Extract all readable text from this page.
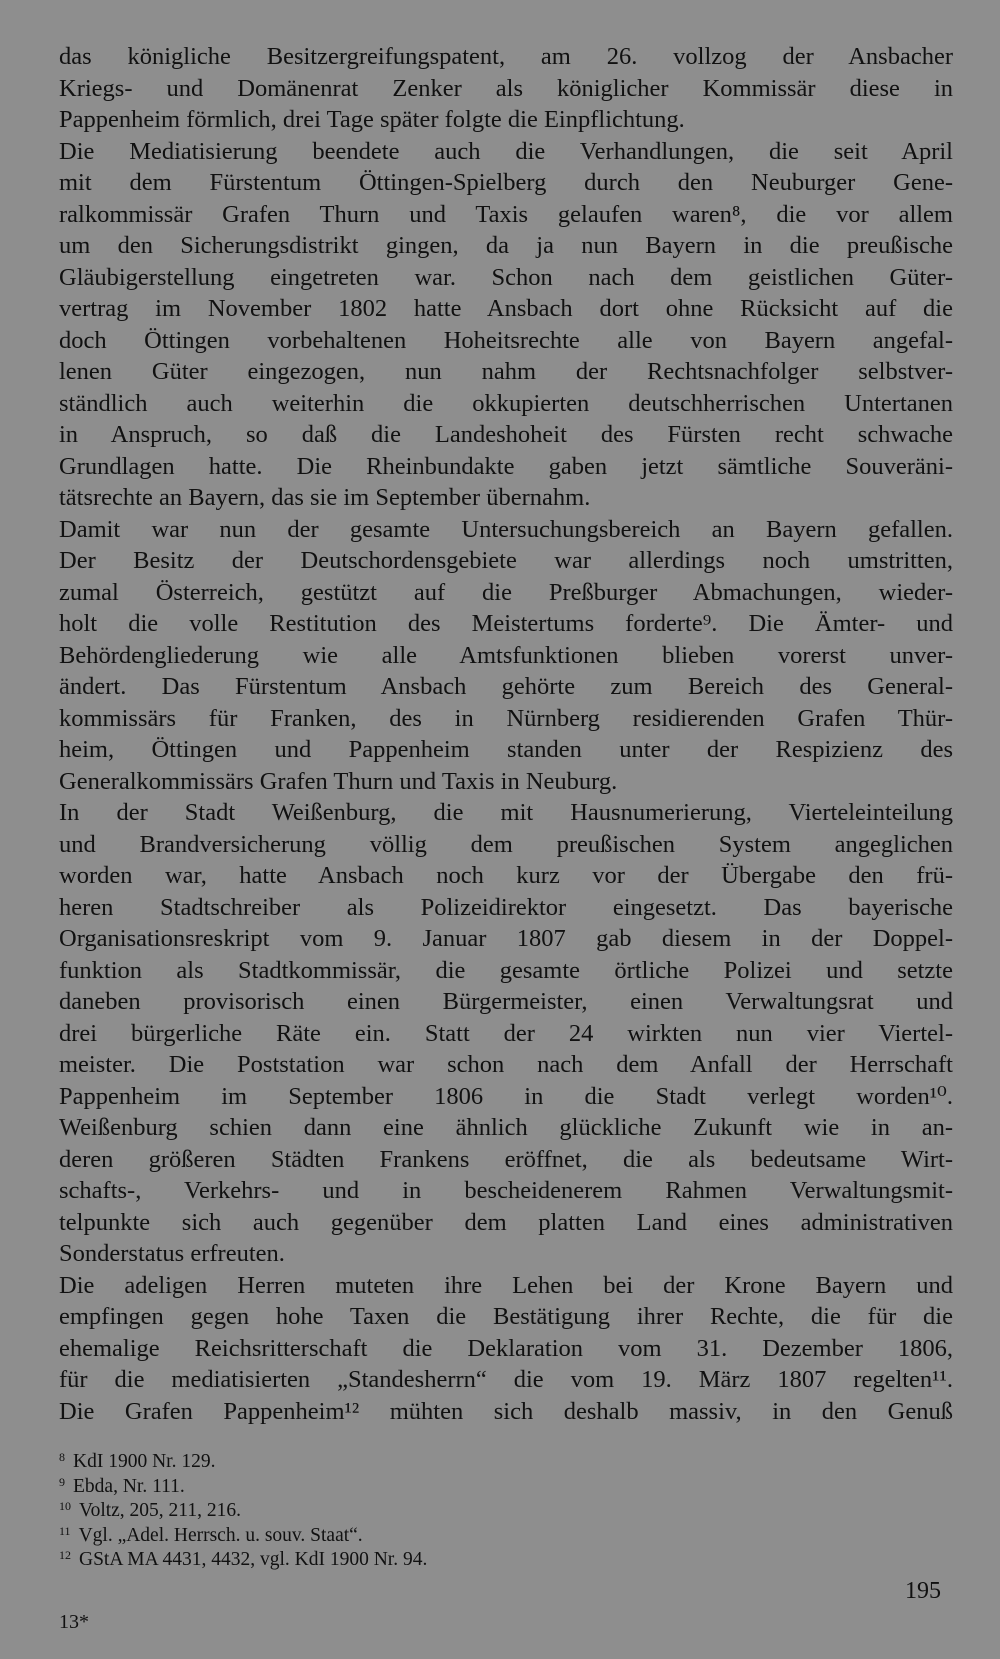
das königliche Besitzergreifungspatent, am 26. vollzog der Ansbacher
Kriegs- und Domänenrat Zenker als königlicher Kommissär diese in
Pappenheim förmlich, drei Tage später folgte die Einpflichtung.
Die Mediatisierung beendete auch die Verhandlungen, die seit April
mit dem Fürstentum Öttingen-Spielberg durch den Neuburger Gene-
ralkommissär Grafen Thurn und Taxis gelaufen waren⁸, die vor allem
um den Sicherungsdistrikt gingen, da ja nun Bayern in die preußische
Gläubigerstellung eingetreten war. Schon nach dem geistlichen Güter-
vertrag im November 1802 hatte Ansbach dort ohne Rücksicht auf die
doch Öttingen vorbehaltenen Hoheitsrechte alle von Bayern angefal-
lenen Güter eingezogen, nun nahm der Rechtsnachfolger selbstver-
ständlich auch weiterhin die okkupierten deutschherrischen Untertanen
in Anspruch, so daß die Landeshoheit des Fürsten recht schwache
Grundlagen hatte. Die Rheinbundakte gaben jetzt sämtliche Souveräni-
tätsrechte an Bayern, das sie im September übernahm.
Damit war nun der gesamte Untersuchungsbereich an Bayern gefallen.
Der Besitz der Deutschordensgebiete war allerdings noch umstritten,
zumal Österreich, gestützt auf die Preßburger Abmachungen, wieder-
holt die volle Restitution des Meistertums forderte⁹. Die Ämter- und
Behördengliederung wie alle Amtsfunktionen blieben vorerst unver-
ändert. Das Fürstentum Ansbach gehörte zum Bereich des General-
kommissärs für Franken, des in Nürnberg residierenden Grafen Thür-
heim, Öttingen und Pappenheim standen unter der Respizienz des
Generalkommissärs Grafen Thurn und Taxis in Neuburg.
In der Stadt Weißenburg, die mit Hausnumerierung, Vierteleinteilung
und Brandversicherung völlig dem preußischen System angeglichen
worden war, hatte Ansbach noch kurz vor der Übergabe den frü-
heren Stadtschreiber als Polizeidirektor eingesetzt. Das bayerische
Organisationsreskript vom 9. Januar 1807 gab diesem in der Doppel-
funktion als Stadtkommissär, die gesamte örtliche Polizei und setzte
daneben provisorisch einen Bürgermeister, einen Verwaltungsrat und
drei bürgerliche Räte ein. Statt der 24 wirkten nun vier Viertel-
meister. Die Poststation war schon nach dem Anfall der Herrschaft
Pappenheim im September 1806 in die Stadt verlegt worden¹⁰.
Weißenburg schien dann eine ähnlich glückliche Zukunft wie in an-
deren größeren Städten Frankens eröffnet, die als bedeutsame Wirt-
schafts-, Verkehrs- und in bescheidenerem Rahmen Verwaltungsmit-
telpunkte sich auch gegenüber dem platten Land eines administrativen
Sonderstatus erfreuten.
Die adeligen Herren muteten ihre Lehen bei der Krone Bayern und
empfingen gegen hohe Taxen die Bestätigung ihrer Rechte, die für die
ehemalige Reichsritterschaft die Deklaration vom 31. Dezember 1806,
für die mediatisierten „Standesherrn“ die vom 19. März 1807 regelten¹¹.
Die Grafen Pappenheim¹² mühten sich deshalb massiv, in den Genuß
8 KdI 1900 Nr. 129.
9 Ebda, Nr. 111.
10 Voltz, 205, 211, 216.
11 Vgl. „Adel. Herrsch. u. souv. Staat“.
12 GStA MA 4431, 4432, vgl. KdI 1900 Nr. 94.
195
13*
